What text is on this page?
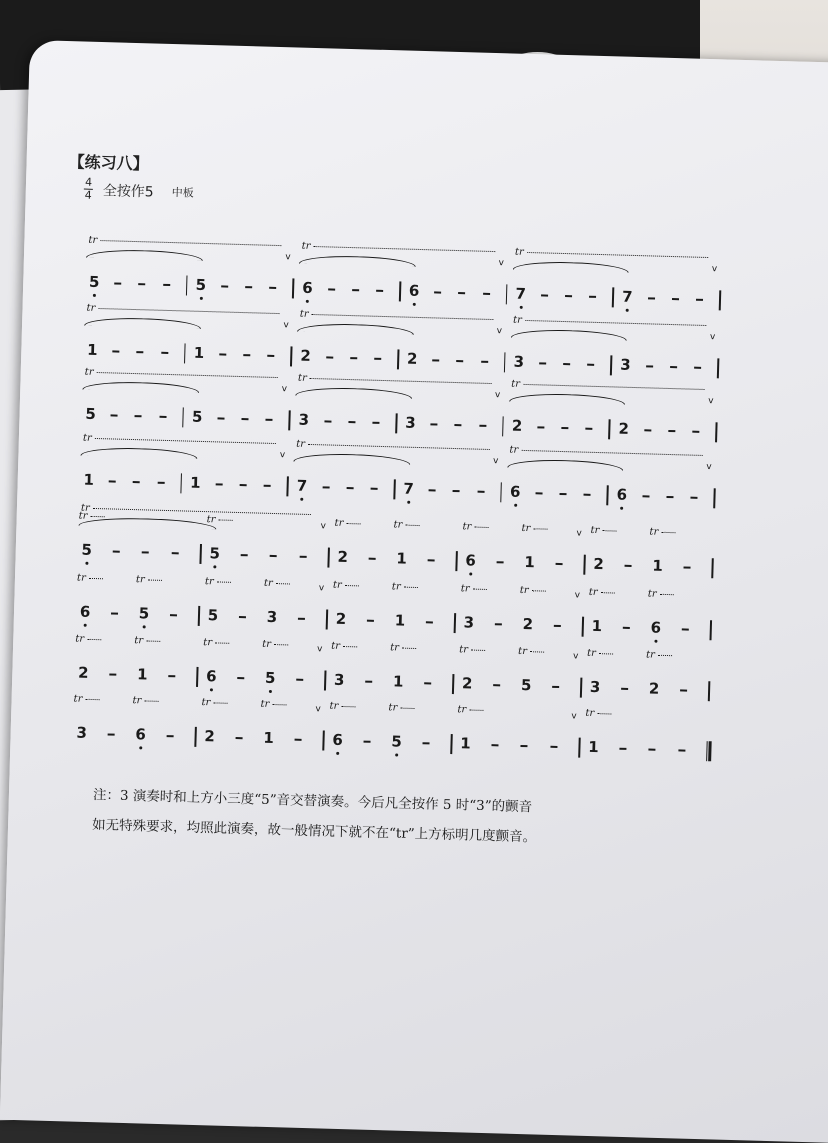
【练习八】
4
4 全按作5 中板
tr
5	5
v
tr
6	6
v
tr
7	7
v
tr
1	1
v
tr
2	2
v
tr
3	3
v
tr
5	5
v
tr
3	3
v
tr
2	2
v
tr
1	1
v
tr
7	7
v
tr
6	6
v
tr
5
tr
5
tr
v
2
tr
1
tr
6
tr
1
tr	v
2
tr
1
tr
6
tr
5
tr
5
tr
3
tr	v
2
tr
1
tr
3
tr
2
tr	v
1
tr
6
tr
2
tr
1
tr
6
tr
5
tr	v
3
tr
1
tr
2
tr
5
tr	v
3
tr
2
tr
3
tr
6
tr
2
tr
1
tr	v
6
tr
5
tr
1
tr
v
1
tr
注：3 演奏时和上方小三度“5”音交替演奏。今后凡全按作 5 时“3”的颤音
如无特殊要求，均照此演奏，故一般情况下就不在“tr”上方标明几度颤音。
